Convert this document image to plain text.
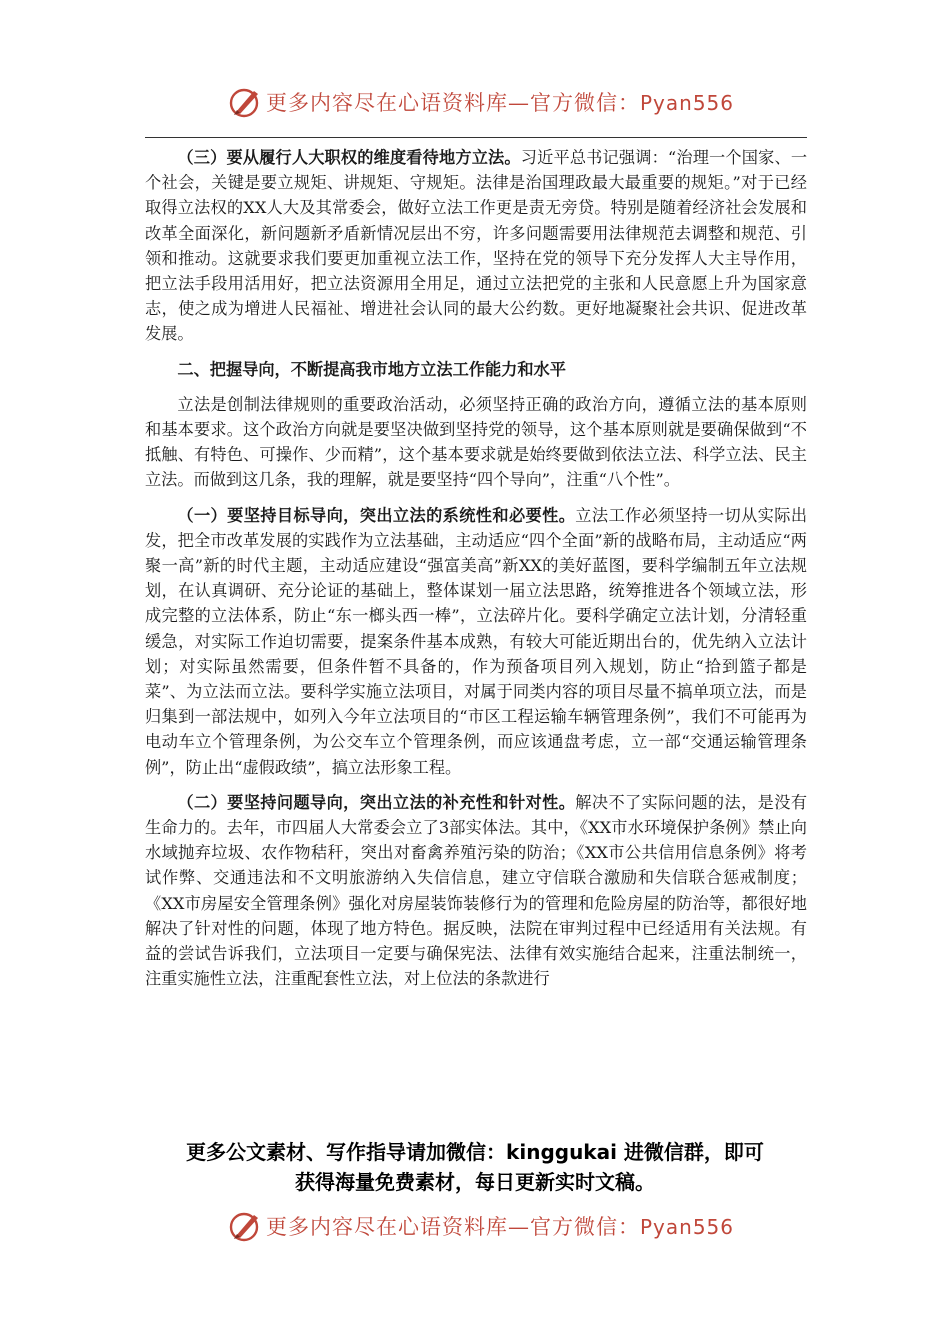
更多内容尽在心语资料库—官方微信：Pyan556

（三）要从履行人大职权的维度看待地方立法。习近平总书记强调：“治理一个国家、一个社会，关键是要立规矩、讲规矩、守规矩。法律是治国理政最大最重要的规矩。”对于已经取得立法权的XX人大及其常委会，做好立法工作更是责无旁贷。特别是随着经济社会发展和改革全面深化，新问题新矛盾新情况层出不穷，许多问题需要用法律规范去调整和规范、引领和推动。这就要求我们要更加重视立法工作，坚持在党的领导下充分发挥人大主导作用，把立法手段用活用好，把立法资源用全用足，通过立法把党的主张和人民意愿上升为国家意志，使之成为增进人民福祉、增进社会认同的最大公约数。更好地凝聚社会共识、促进改革发展。

二、把握导向，不断提高我市地方立法工作能力和水平

立法是创制法律规则的重要政治活动，必须坚持正确的政治方向，遵循立法的基本原则和基本要求。这个政治方向就是要坚决做到坚持党的领导，这个基本原则就是要确保做到“不抵触、有特色、可操作、少而精”，这个基本要求就是始终要做到依法立法、科学立法、民主立法。而做到这几条，我的理解，就是要坚持“四个导向”，注重“八个性”。

（一）要坚持目标导向，突出立法的系统性和必要性。立法工作必须坚持一切从实际出发，把全市改革发展的实践作为立法基础，主动适应“四个全面”新的战略布局，主动适应“两聚一高”新的时代主题，主动适应建设“强富美高”新XX的美好蓝图，要科学编制五年立法规划，在认真调研、充分论证的基础上，整体谋划一届立法思路，统筹推进各个领域立法，形成完整的立法体系，防止“东一榔头西一棒”，立法碎片化。要科学确定立法计划，分清轻重缓急，对实际工作迫切需要，提案条件基本成熟，有较大可能近期出台的，优先纳入立法计划；对实际虽然需要，但条件暂不具备的，作为预备项目列入规划，防止“拾到篮子都是菜”、为立法而立法。要科学实施立法项目，对属于同类内容的项目尽量不搞单项立法，而是归集到一部法规中，如列入今年立法项目的“市区工程运输车辆管理条例”，我们不可能再为电动车立个管理条例，为公交车立个管理条例，而应该通盘考虑，立一部“交通运输管理条例”，防止出“虚假政绩”，搞立法形象工程。

（二）要坚持问题导向，突出立法的补充性和针对性。解决不了实际问题的法，是没有生命力的。去年，市四届人大常委会立了3部实体法。其中，《XX市水环境保护条例》禁止向水域抛弃垃圾、农作物秸秆，突出对畜禽养殖污染的防治；《XX市公共信用信息条例》将考试作弊、交通违法和不文明旅游纳入失信信息，建立守信联合激励和失信联合惩戒制度；《XX市房屋安全管理条例》强化对房屋装饰装修行为的管理和危险房屋的防治等，都很好地解决了针对性的问题，体现了地方特色。据反映，法院在审判过程中已经适用有关法规。有益的尝试告诉我们，立法项目一定要与确保宪法、法律有效实施结合起来，注重法制统一，注重实施性立法，注重配套性立法，对上位法的条款进行

更多公文素材、写作指导请加微信：kinggukai 进微信群，即可
获得海量免费素材，每日更新实时文稿。
更多内容尽在心语资料库—官方微信：Pyan556
